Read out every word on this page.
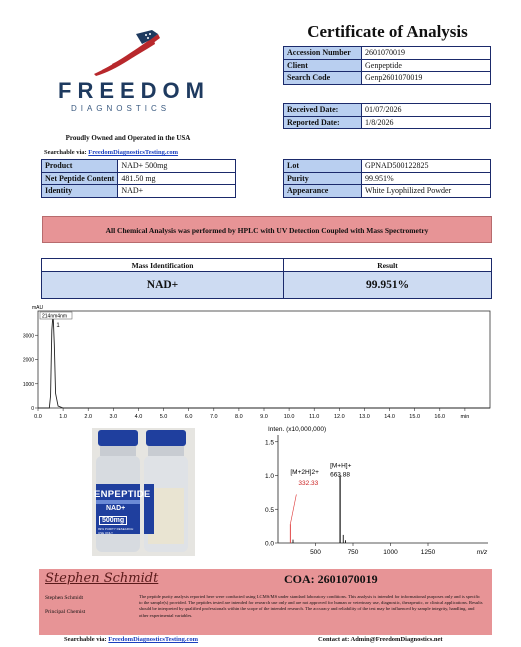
FREEDOM
DIAGNOSTICS
Proudly Owned and Operated in the USA
Searchable via: FreedomDiagnosticsTesting.com
Certificate of Analysis
Accession Number	2601070019
Client	Genpeptide
Search Code	Genp2601070019
Received Date:	01/07/2026
Reported Date:	1/8/2026
Product	NAD+ 500mg
Net Peptide Content	481.50 mg
Identity	NAD+
Lot	GPNAD500122825
Purity	99.951%
Appearance	White Lyophilized Powder
All Chemical Analysis was performed by HPLC with UV Detection Coupled with Mass Spectrometry
Mass Identification	Result
NAD+	99.951%
mAU
0
1000
2000
3000
0.0	1.0	2.0	3.0	4.0	5.0	6.0	7.0	8.0	9.0	10.0	11.0	12.0	13.0	14.0	15.0	16.0	min
214nm4nm
1
ENPEPTIDE
NAD+
500mg
99% PURITY RESEARCH USE ONLY
Inten. (x10,000,000)
0.0
0.5
1.0
1.5
500	750	1000	1250	m/z
[M+2H]2+
332.33
[M+H]+
663.88
Stephen Schmidt	COA: 2601070019
Stephen Schmidt
Principal Chemist
The peptide purity analysis reported here were conducted using LCMS/MS under standard laboratory conditions. This analysis is intended for informational purposes only and is specific to the sample(s) provided. The peptides tested are intended for research use only and are not approved for human or veterinary use, diagnostic, therapeutic, or clinical applications. Results should be interpreted by qualified professionals within the scope of the intended research. The accuracy and reliability of the test may be influenced by sample integrity, handling, and other experimental variables.
Searchable via: FreedomDiagnosticsTesting.com	Contact at: Admin@FreedomDiagnostics.net
